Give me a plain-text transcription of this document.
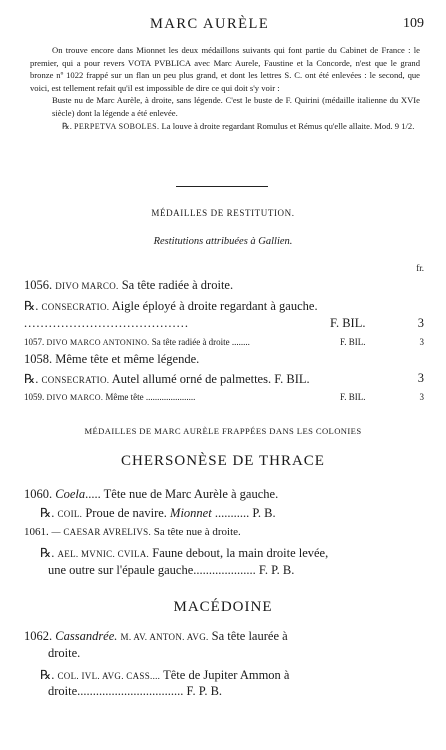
MARC AURÈLE	109

On trouve encore dans Mionnet les deux médaillons suivants qui font partie du Cabinet de France : le premier, qui a pour revers VOTA PVBLICA avec Marc Aurele, Faustine et la Concorde, n'est que le grand bronze nº 1022 frappé sur un flan un peu plus grand, et dont les lettres S. C. ont été enlevées : le second, que voici, est tellement refait qu'il est impossible de dire ce qui doit s'y voir :

Buste nu de Marc Aurèle, à droite, sans légende. C'est le buste de F. Quirini (médaille italienne du XVIe siècle) dont la légende a été enlevée.

℞. PERPETVA SOBOLES. La louve à droite regardant Romulus et Rémus qu'elle allaite. Mod. 9 1/2.

MÉDAILLES DE RESTITUTION.
Restitutions attribuées à Gallien.
fr.
1056. DIVO MARCO. Sa tête radiée à droite.
℞. CONSECRATIO. Aigle éployé à droite regardant à gauche.
........................................	F. BIL.	3
1057. DIVO MARCO ANTONINO. Sa tête radiée à droite ........	F. BIL.	3
1058. Même tête et même légende.
℞. CONSECRATIO. Autel allumé orné de palmettes. F. BIL.	3
1059. DIVO MARCO. Même tête ......................	F. BIL.	3
MÉDAILLES DE MARC AURÈLE FRAPPÉES DANS LES COLONIES
CHERSONÈSE DE THRACE
1060. Coela..... Tête nue de Marc Aurèle à gauche.
℞. COIL. Proue de navire. Mionnet ........... P. B.
1061. — CAESAR AVRELIVS. Sa tête nue à droite.
℞. AEL. MVNIC. CVILA. Faune debout, la main droite levée,
une outre sur l'épaule gauche.................... F. P. B.
MACÉDOINE
1062. Cassandrée. M. AV. ANTON. AVG. Sa tête laurée à
droite.
℞. COL. IVL. AVG. CASS.... Tête de Jupiter Ammon à
droite.................................. F. P. B.
